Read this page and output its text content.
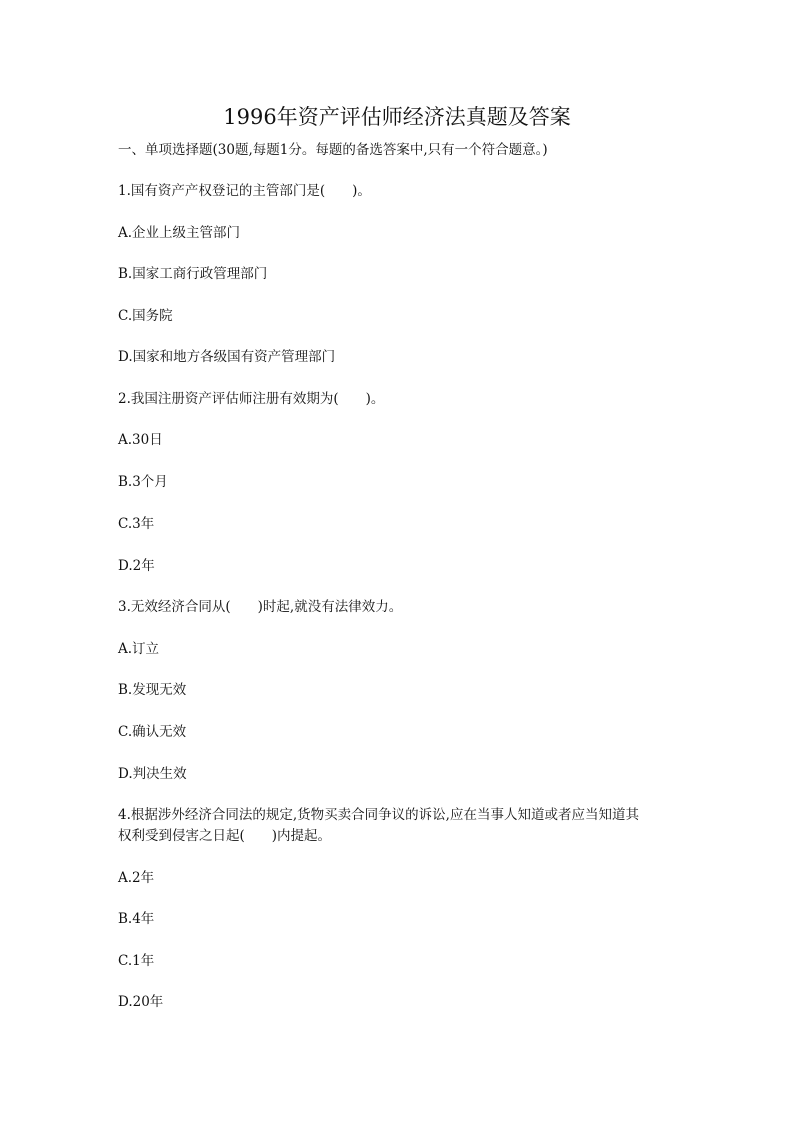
1996年资产评估师经济法真题及答案

一、单项选择题(30题,每题1分。每题的备选答案中,只有一个符合题意。)

1.国有资产产权登记的主管部门是(　　)。

A.企业上级主管部门

B.国家工商行政管理部门

C.国务院

D.国家和地方各级国有资产管理部门

2.我国注册资产评估师注册有效期为(　　)。

A.30日

B.3个月

C.3年

D.2年

3.无效经济合同从(　　)时起,就没有法律效力。

A.订立

B.发现无效

C.确认无效

D.判决生效

4.根据涉外经济合同法的规定,货物买卖合同争议的诉讼,应在当事人知道或者应当知道其

权利受到侵害之日起(　　)内提起。

A.2年

B.4年

C.1年

D.20年
